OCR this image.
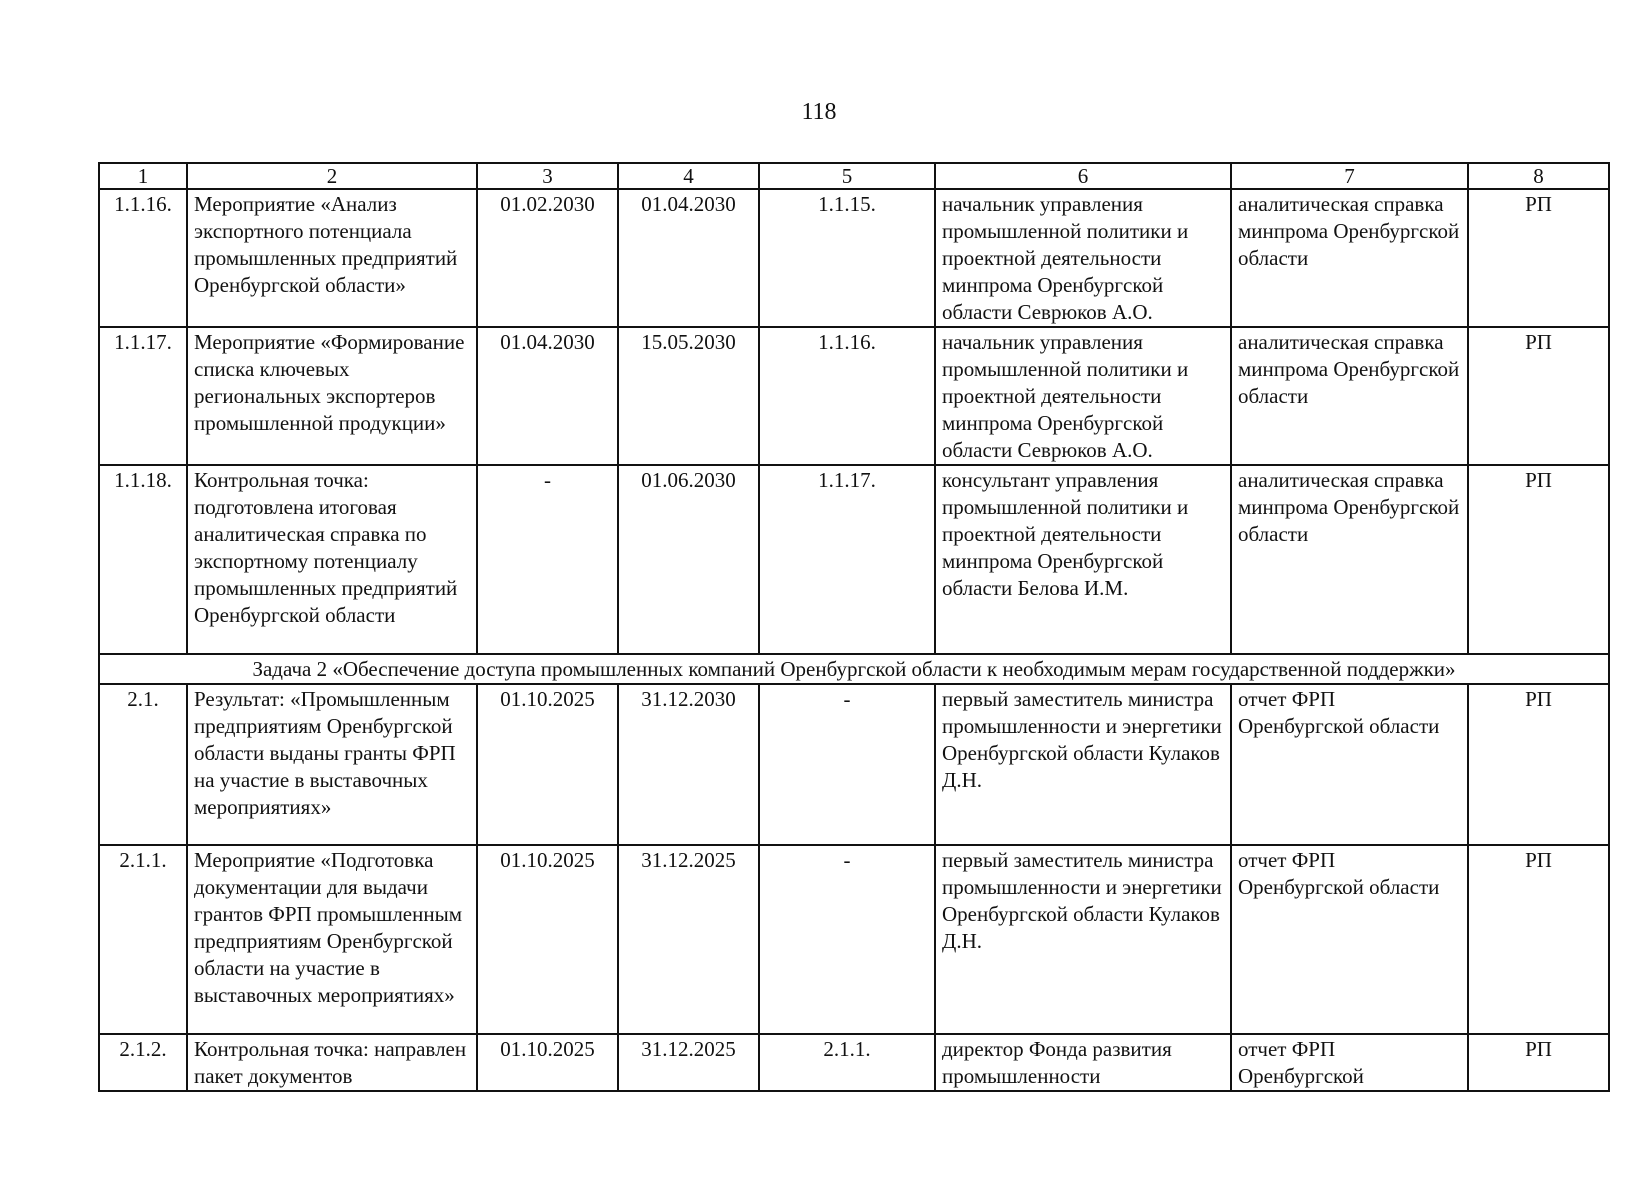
118
1	2	3	4	5	6	7	8
1.1.16.	Мероприятие «Анализ экспортного потенциала промышленных предприятий Оренбургской области»	01.02.2030	01.04.2030	1.1.15.	начальник управления промышленной политики и проектной деятельности минпрома Оренбургской области Севрюков А.О.	аналитическая справка минпрома Оренбургской области	РП
1.1.17.	Мероприятие «Формирование списка ключевых региональных экспортеров промышленной продукции»	01.04.2030	15.05.2030	1.1.16.	начальник управления промышленной политики и проектной деятельности минпрома Оренбургской области Севрюков А.О.	аналитическая справка минпрома Оренбургской области	РП
1.1.18.	Контрольная точка: подготовлена итоговая аналитическая справка по экспортному потенциалу промышленных предприятий Оренбургской области	-	01.06.2030	1.1.17.	консультант управления промышленной политики и проектной деятельности минпрома Оренбургской области Белова И.М.	аналитическая справка минпрома Оренбургской области	РП
Задача 2 «Обеспечение доступа промышленных компаний Оренбургской области к необходимым мерам государственной поддержки»							
2.1.	Результат: «Промышленным предприятиям Оренбургской области выданы гранты ФРП на участие в выставочных мероприятиях»	01.10.2025	31.12.2030	-	первый заместитель министра промышленности и энергетики Оренбургской области Кулаков Д.Н.	отчет ФРП Оренбургской области	РП
2.1.1.	Мероприятие «Подготовка документации для выдачи грантов ФРП промышленным предприятиям Оренбургской области на участие в выставочных мероприятиях»	01.10.2025	31.12.2025	-	первый заместитель министра промышленности и энергетики Оренбургской области Кулаков Д.Н.	отчет ФРП Оренбургской области	РП
2.1.2.	Контрольная точка: направлен пакет документов	01.10.2025	31.12.2025	2.1.1.	директор Фонда развития промышленности	отчет ФРП Оренбургской	РП
